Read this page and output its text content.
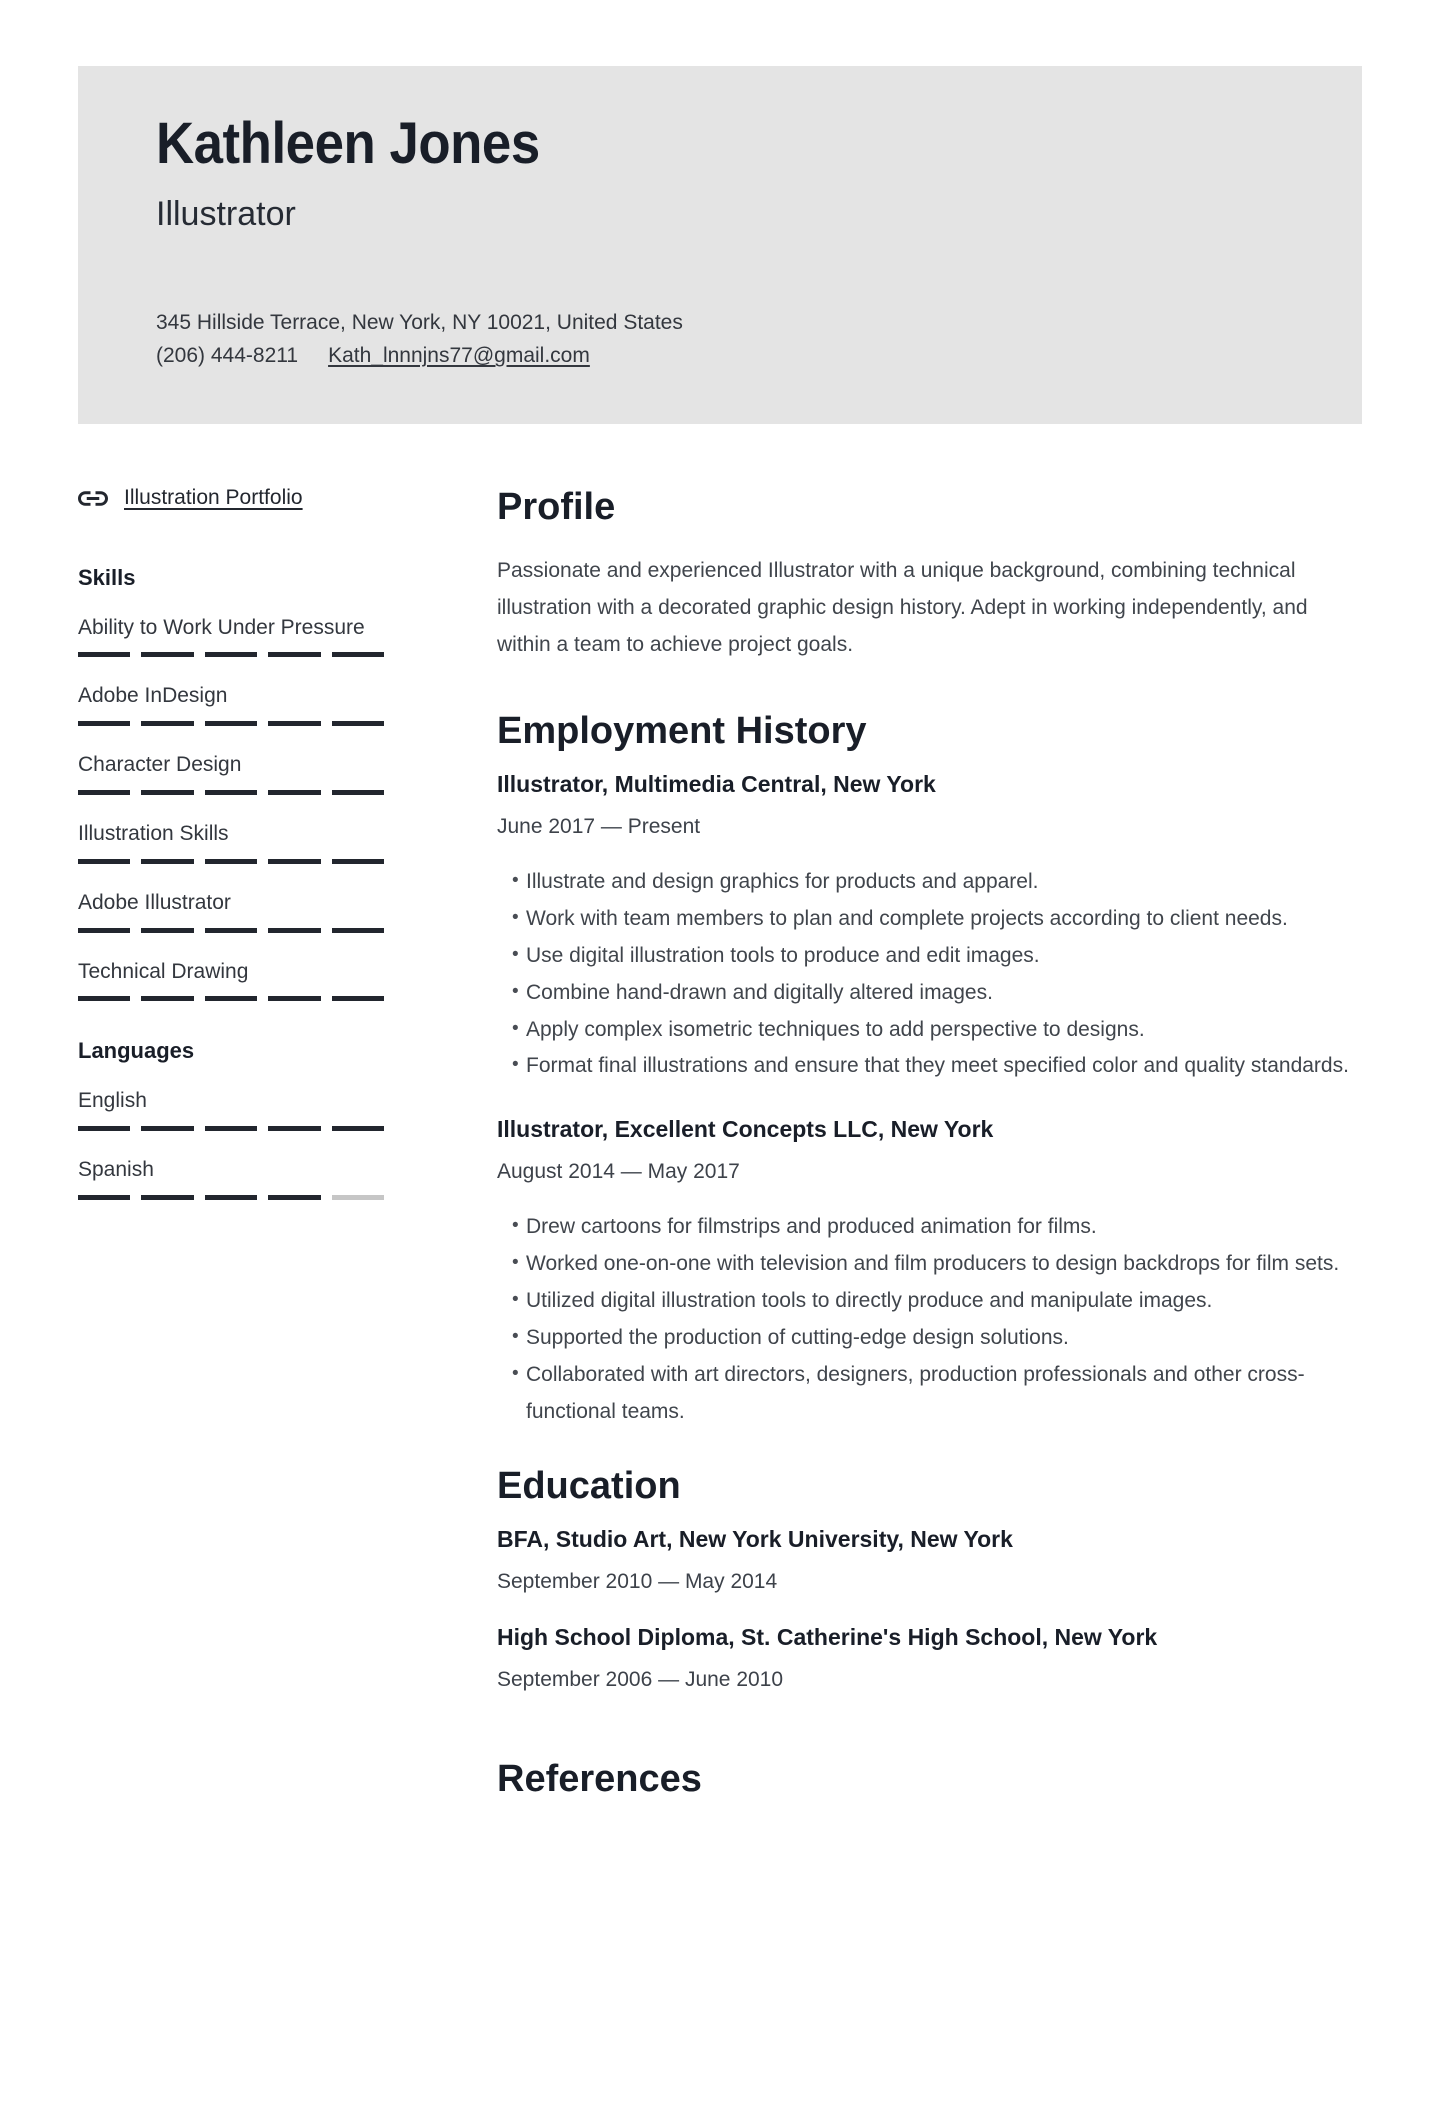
Kathleen Jones
Illustrator
345 Hillside Terrace, New York, NY 10021, United States
(206) 444-8211 Kath_lnnnjns77@gmail.com
Illustration Portfolio
Skills
Ability to Work Under Pressure
Adobe InDesign
Character Design
Illustration Skills
Adobe Illustrator
Technical Drawing
Languages
English
Spanish
Profile

Passionate and experienced Illustrator with a unique background, combining technical illustration with a decorated graphic design history. Adept in working independently, and within a team to achieve project goals.

Employment History
Illustrator, Multimedia Central, New York
June 2017 — Present
• Illustrate and design graphics for products and apparel.
• Work with team members to plan and complete projects according to client needs.
• Use digital illustration tools to produce and edit images.
• Combine hand-drawn and digitally altered images.
• Apply complex isometric techniques to add perspective to designs.
• Format final illustrations and ensure that they meet specified color and quality standards.
Illustrator, Excellent Concepts LLC, New York
August 2014 — May 2017
• Drew cartoons for filmstrips and produced animation for films.
• Worked one-on-one with television and film producers to design backdrops for film sets.
• Utilized digital illustration tools to directly produce and manipulate images.
• Supported the production of cutting-edge design solutions.
• Collaborated with art directors, designers, production professionals and other cross-functional teams.
Education
BFA, Studio Art, New York University, New York
September 2010 — May 2014
High School Diploma, St. Catherine's High School, New York
September 2006 — June 2010
References
